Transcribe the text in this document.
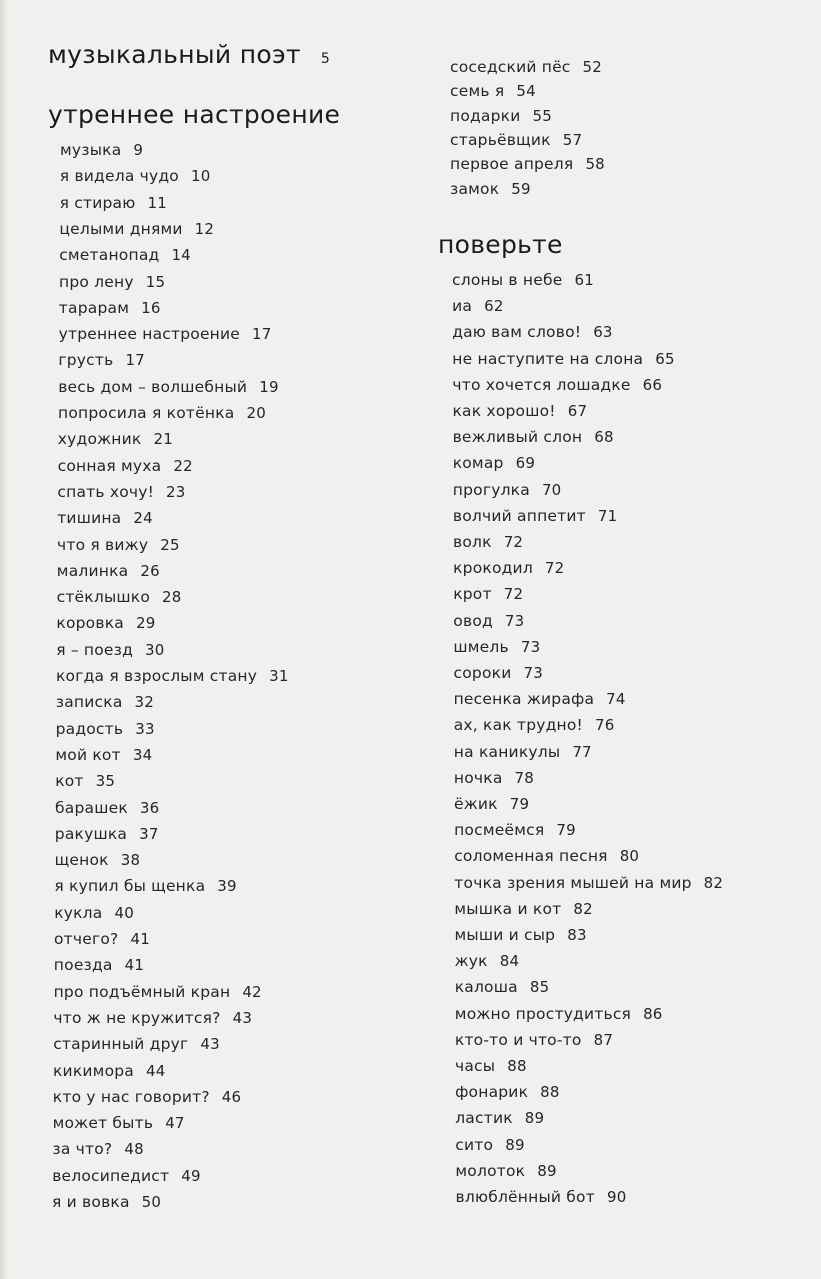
музыкальный поэт 5
утреннее настроение
музыка 9
я видела чудо 10
я стираю 11
целыми днями 12
сметанопад 14
про лену 15
тарарам 16
утреннее настроение 17
грусть 17
весь дом – волшебный 19
попросила я котёнка 20
художник 21
сонная муха 22
спать хочу! 23
тишина 24
что я вижу 25
малинка 26
стёклышко 28
коровка 29
я – поезд 30
когда я взрослым стану 31
записка 32
радость 33
мой кот 34
кот 35
барашек 36
ракушка 37
щенок 38
я купил бы щенка 39
кукла 40
отчего? 41
поезда 41
про подъёмный кран 42
что ж не кружится? 43
старинный друг 43
кикимора 44
кто у нас говорит? 46
может быть 47
за что? 48
велосипедист 49
я и вовка 50
соседский пёс 52
семь я 54
подарки 55
старьёвщик 57
первое апреля 58
замок 59
поверьте
слоны в небе 61
иа 62
даю вам слово! 63
не наступите на слона 65
что хочется лошадке 66
как хорошо! 67
вежливый слон 68
комар 69
прогулка 70
волчий аппетит 71
волк 72
крокодил 72
крот 72
овод 73
шмель 73
сороки 73
песенка жирафа 74
ах, как трудно! 76
на каникулы 77
ночка 78
ёжик 79
посмеёмся 79
соломенная песня 80
точка зрения мышей на мир 82
мышка и кот 82
мыши и сыр 83
жук 84
калоша 85
можно простудиться 86
кто-то и что-то 87
часы 88
фонарик 88
ластик 89
сито 89
молоток 89
влюблённый бот 90
